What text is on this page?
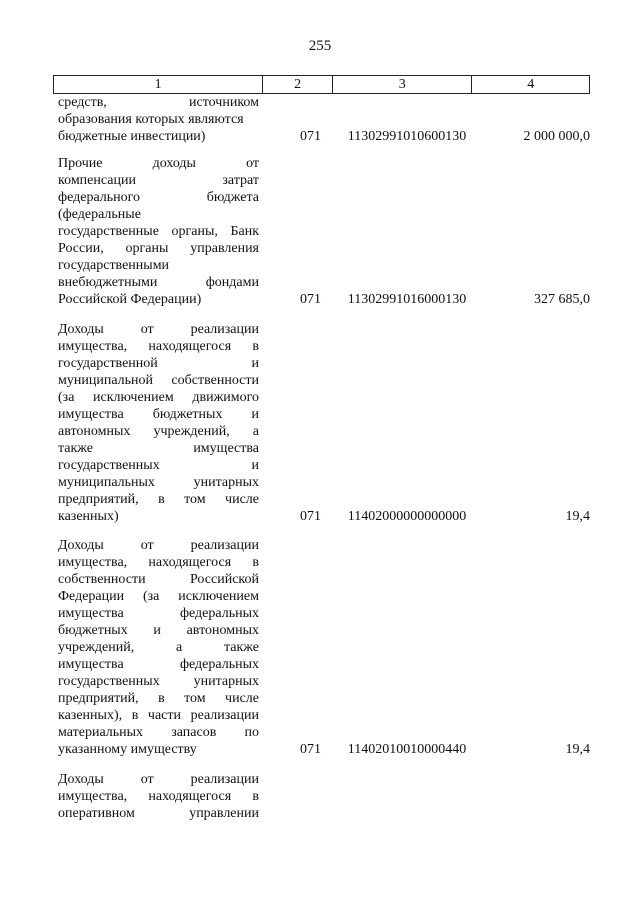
255
1	2	3	4
средств, источником
образования которых являются
бюджетные инвестиции)	071	11302991010600130	2 000 000,0
Прочие доходы от
компенсации затрат
федерального бюджета
(федеральные
государственные органы, Банк
России, органы управления
государственными
внебюджетными фондами
Российской Федерации)	071	11302991016000130	327 685,0
Доходы от реализации
имущества, находящегося в
государственной и
муниципальной собственности
(за исключением движимого
имущества бюджетных и
автономных учреждений, а
также имущества
государственных и
муниципальных унитарных
предприятий, в том числе
казенных)	071	11402000000000000	19,4
Доходы от реализации
имущества, находящегося в
собственности Российской
Федерации (за исключением
имущества федеральных
бюджетных и автономных
учреждений, а также
имущества федеральных
государственных унитарных
предприятий, в том числе
казенных), в части реализации
материальных запасов по
указанному имуществу	071	11402010010000440	19,4
Доходы от реализации
имущества, находящегося в
оперативном управлении
